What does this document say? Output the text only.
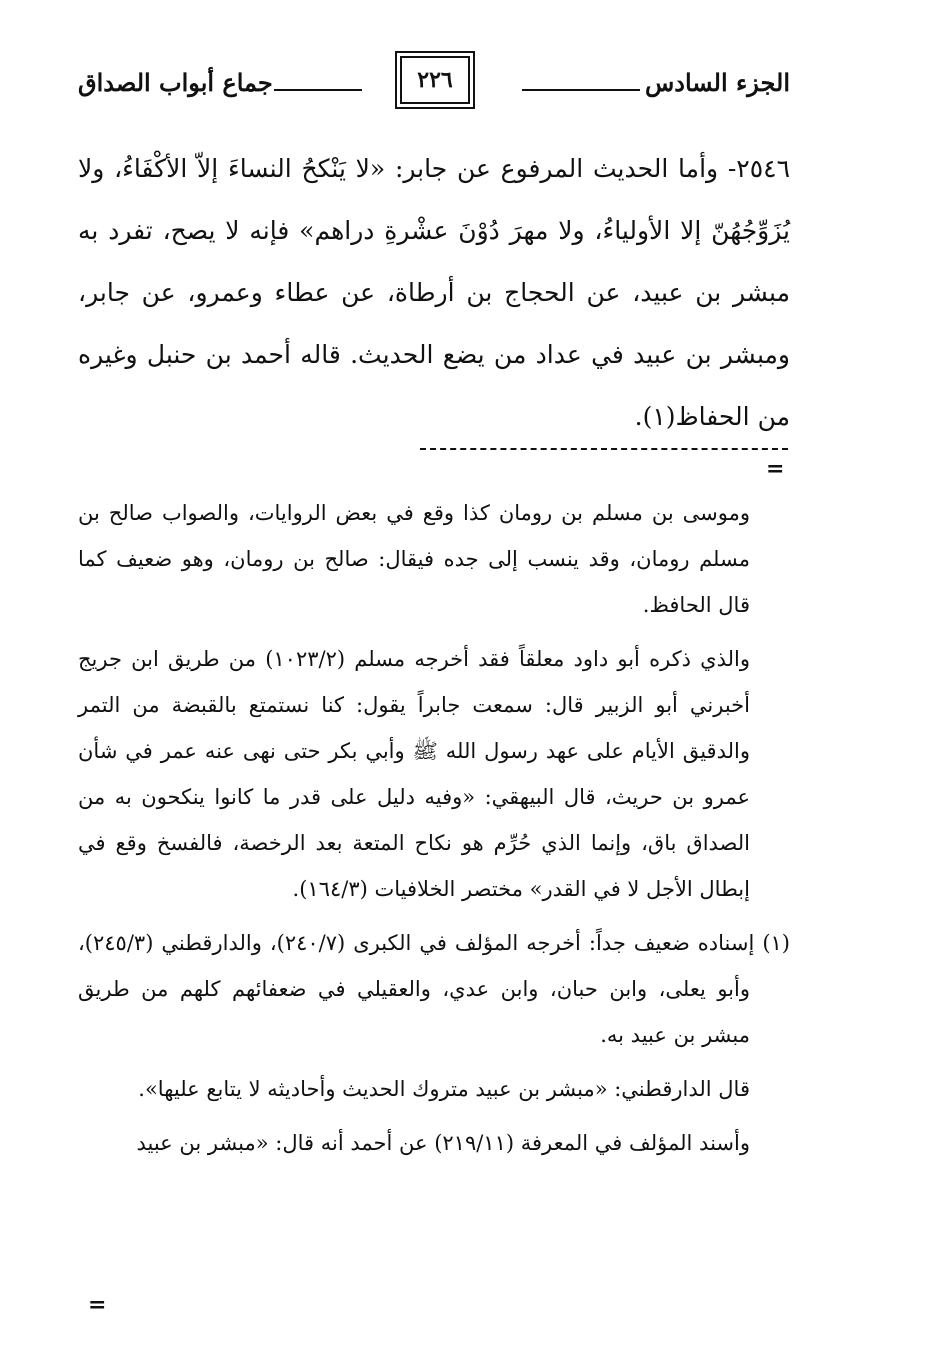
الجزء السادس
٢٢٦
جماع أبواب الصداق

٢٥٤٦- وأما الحديث المرفوع عن جابر: «لا يَنْكحُ النساءَ إلاّ الأكْفَاءُ، ولا يُزَوِّجُهُنّ إلا الأولياءُ، ولا مهرَ دُوْنَ عشْرةِ دراهم» فإنه لا يصح، تفرد به مبشر بن عبيد، عن الحجاج بن أرطاة، عن عطاء وعمرو، عن جابر، ومبشر بن عبيد في عداد من يضع الحديث. قاله أحمد بن حنبل وغيره من الحفاظ(١).

=

وموسى بن مسلم بن رومان كذا وقع في بعض الروايات، والصواب صالح بن مسلم رومان، وقد ينسب إلى جده فيقال: صالح بن رومان، وهو ضعيف كما قال الحافظ.

والذي ذكره أبو داود معلقاً فقد أخرجه مسلم (١٠٢٣/٢) من طريق ابن جريج أخبرني أبو الزبير قال: سمعت جابراً يقول: كنا نستمتع بالقبضة من التمر والدقيق الأيام على عهد رسول الله ﷺ وأبي بكر حتى نهى عنه عمر في شأن عمرو بن حريث، قال البيهقي: «وفيه دليل على قدر ما كانوا ينكحون به من الصداق باق، وإنما الذي حُرِّم هو نكاح المتعة بعد الرخصة، فالفسخ وقع في إبطال الأجل لا في القدر» مختصر الخلافيات (١٦٤/٣).

(١) إسناده ضعيف جداً: أخرجه المؤلف في الكبرى (٢٤٠/٧)، والدارقطني (٢٤٥/٣)، وأبو يعلى، وابن حبان، وابن عدي، والعقيلي في ضعفائهم كلهم من طريق مبشر بن عبيد به.

قال الدارقطني: «مبشر بن عبيد متروك الحديث وأحاديثه لا يتابع عليها».

وأسند المؤلف في المعرفة (٢١٩/١١) عن أحمد أنه قال: «مبشر بن عبيد

=
